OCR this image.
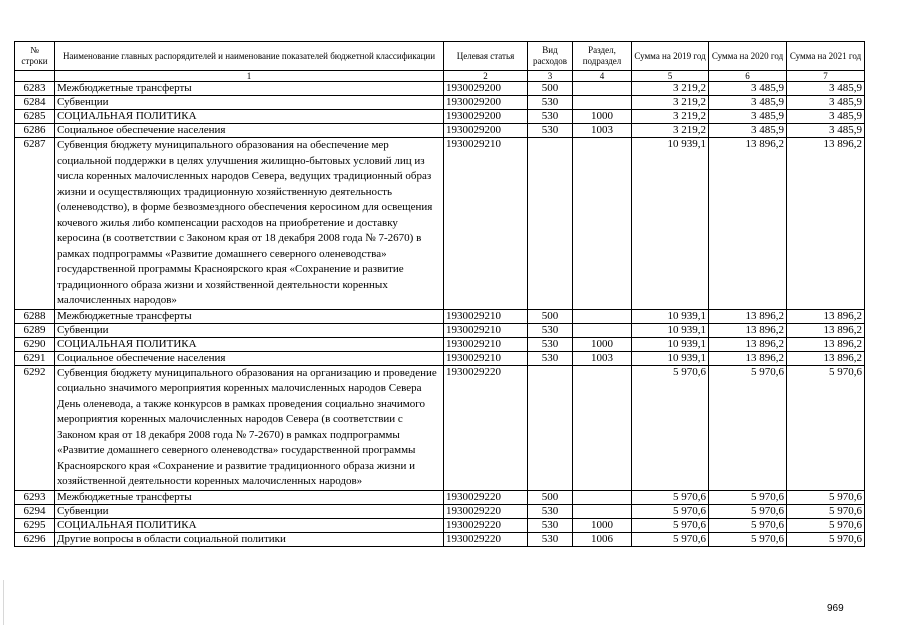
№ строки	Наименование главных распорядителей и наименование показателей бюджетной классификации	Целевая статья	Вид расходов	Раздел, подраздел	Сумма на 2019 год	Сумма на 2020 год	Сумма на 2021 год
	1	2	3	4	5	6	7
6283	Межбюджетные трансферты	1930029200	500		3 219,2	3 485,9	3 485,9
6284	Субвенции	1930029200	530		3 219,2	3 485,9	3 485,9
6285	СОЦИАЛЬНАЯ ПОЛИТИКА	1930029200	530	1000	3 219,2	3 485,9	3 485,9
6286	Социальное обеспечение населения	1930029200	530	1003	3 219,2	3 485,9	3 485,9
6287	Субвенция бюджету муниципального образования на обеспечение мер социальной поддержки в целях улучшения жилищно-бытовых условий лиц из числа коренных малочисленных народов Севера, ведущих традиционный образ жизни и осуществляющих традиционную хозяйственную деятельность (оленеводство), в форме безвозмездного обеспечения керосином для освещения кочевого жилья либо компенсации расходов на приобретение и доставку керосина (в соответствии с Законом края от 18 декабря 2008 года № 7-2670) в рамках подпрограммы «Развитие домашнего северного оленеводства» государственной программы Красноярского края «Сохранение и развитие традиционного образа жизни и хозяйственной деятельности коренных малочисленных народов»	1930029210			10 939,1	13 896,2	13 896,2
6288	Межбюджетные трансферты	1930029210	500		10 939,1	13 896,2	13 896,2
6289	Субвенции	1930029210	530		10 939,1	13 896,2	13 896,2
6290	СОЦИАЛЬНАЯ ПОЛИТИКА	1930029210	530	1000	10 939,1	13 896,2	13 896,2
6291	Социальное обеспечение населения	1930029210	530	1003	10 939,1	13 896,2	13 896,2
6292	Субвенция бюджету муниципального образования на организацию и проведение социально значимого мероприятия коренных малочисленных народов Севера День оленевода, а также конкурсов в рамках проведения социально значимого мероприятия коренных малочисленных народов Севера (в соответствии с Законом края от 18 декабря 2008 года № 7-2670) в рамках подпрограммы «Развитие домашнего северного оленеводства» государственной программы Красноярского края «Сохранение и развитие традиционного образа жизни и хозяйственной деятельности коренных малочисленных народов»	1930029220			5 970,6	5 970,6	5 970,6
6293	Межбюджетные трансферты	1930029220	500		5 970,6	5 970,6	5 970,6
6294	Субвенции	1930029220	530		5 970,6	5 970,6	5 970,6
6295	СОЦИАЛЬНАЯ ПОЛИТИКА	1930029220	530	1000	5 970,6	5 970,6	5 970,6
6296	Другие вопросы в области социальной политики	1930029220	530	1006	5 970,6	5 970,6	5 970,6
969
